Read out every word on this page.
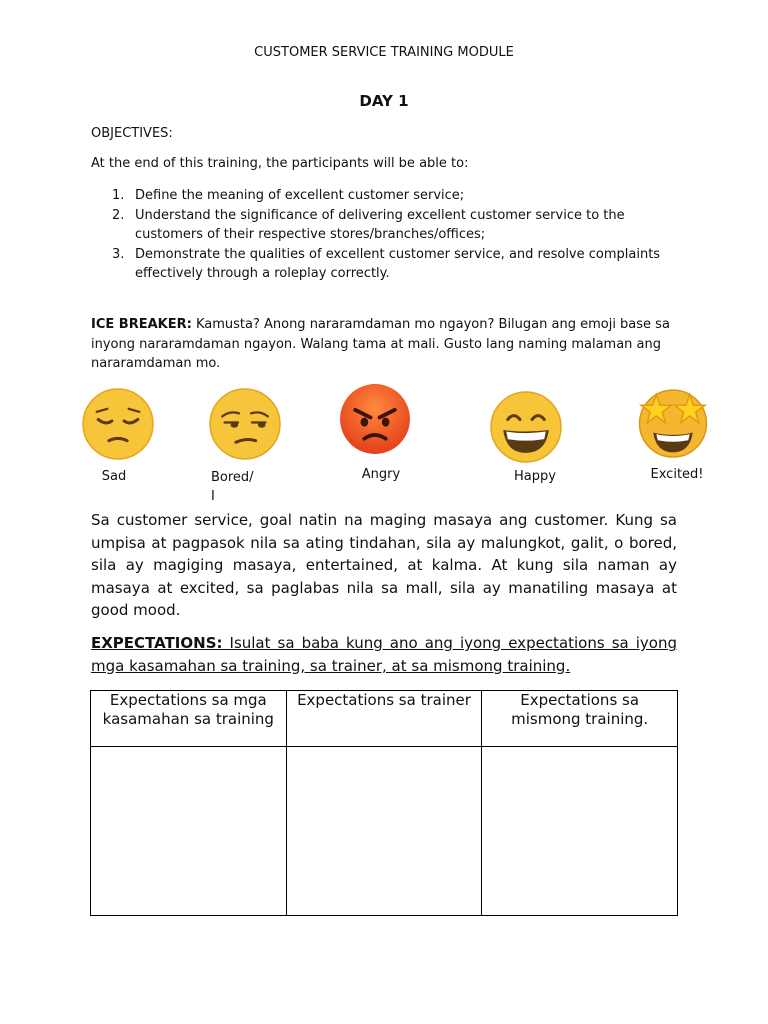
CUSTOMER SERVICE TRAINING MODULE
DAY 1
OBJECTIVES:
At the end of this training, the participants will be able to:
1. Define the meaning of excellent customer service;
2. Understand the significance of delivering excellent customer service to the customers of their respective stores/branches/offices;
3. Demonstrate the qualities of excellent customer service, and resolve complaints effectively through a roleplay correctly.
ICE BREAKER: Kamusta? Anong nararamdaman mo ngayon? Bilugan ang emoji base sa inyong nararamdaman ngayon. Walang tama at mali. Gusto lang naming malaman ang nararamdaman mo.
Sad	Bored/
I
Angry	Happy	Excited!
Sa customer service, goal natin na maging masaya ang customer. Kung sa umpisa at pagpasok nila sa ating tindahan, sila ay malungkot, galit, o bored, sila ay magiging masaya, entertained, at kalma. At kung sila naman ay masaya at excited, sa paglabas nila sa mall, sila ay manatiling masaya at good mood.
EXPECTATIONS: Isulat sa baba kung ano ang iyong expectations sa iyong mga kasamahan sa training, sa trainer, at sa mismong training.
Expectations sa mga kasamahan sa training	Expectations sa trainer	Expectations sa mismong training.
